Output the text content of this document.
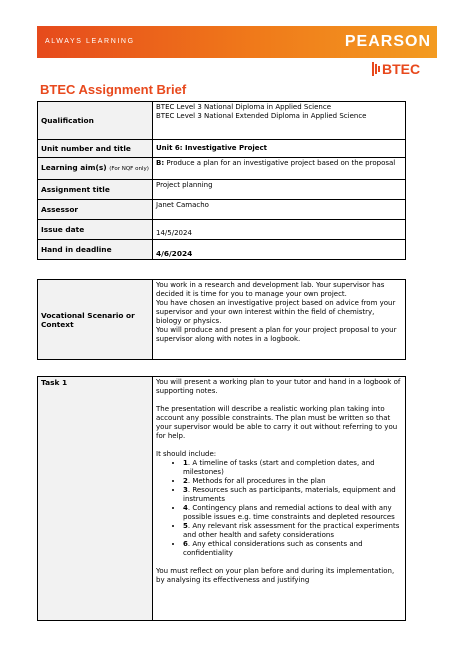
ALWAYS LEARNING	PEARSON
BTEC
BTEC Assignment Brief
Qualification	BTEC Level 3 National Diploma in Applied Science
BTEC Level 3 National Extended Diploma in Applied Science

Unit number and title	Unit 6: Investigative Project
Learning aim(s) (For NQF only)	B: Produce a plan for an investigative project based on the proposal
Assignment title	Project planning
Assessor	Janet Camacho
Issue date	14/5/2024
Hand in deadline	4/6/2024
Vocational Scenario or Context	

You work in a research and development lab. Your supervisor has decided it is time for you to manage your own project.

You have chosen an investigative project based on advice from your supervisor and your own interest within the field of chemistry, biology or physics.

You will produce and present a plan for your project proposal to your supervisor along with notes in a logbook.

Task 1	You will present a working plan to your tutor and hand in a logbook of supporting notes.

The presentation will describe a realistic working plan taking into account any possible constraints. The plan must be written so that your supervisor would be able to carry it out without referring to you for help.

It should include:

• 1. A timeline of tasks (start and completion dates, and milestones)
• 2. Methods for all procedures in the plan
• 3. Resources such as participants, materials, equipment and instruments
• 4. Contingency plans and remedial actions to deal with any possible issues e.g. time constraints and depleted resources
• 5. Any relevant risk assessment for the practical experiments and other health and safety considerations
• 6. Any ethical considerations such as consents and confidentiality

You must reflect on your plan before and during its implementation, by analysing its effectiveness and justifying
